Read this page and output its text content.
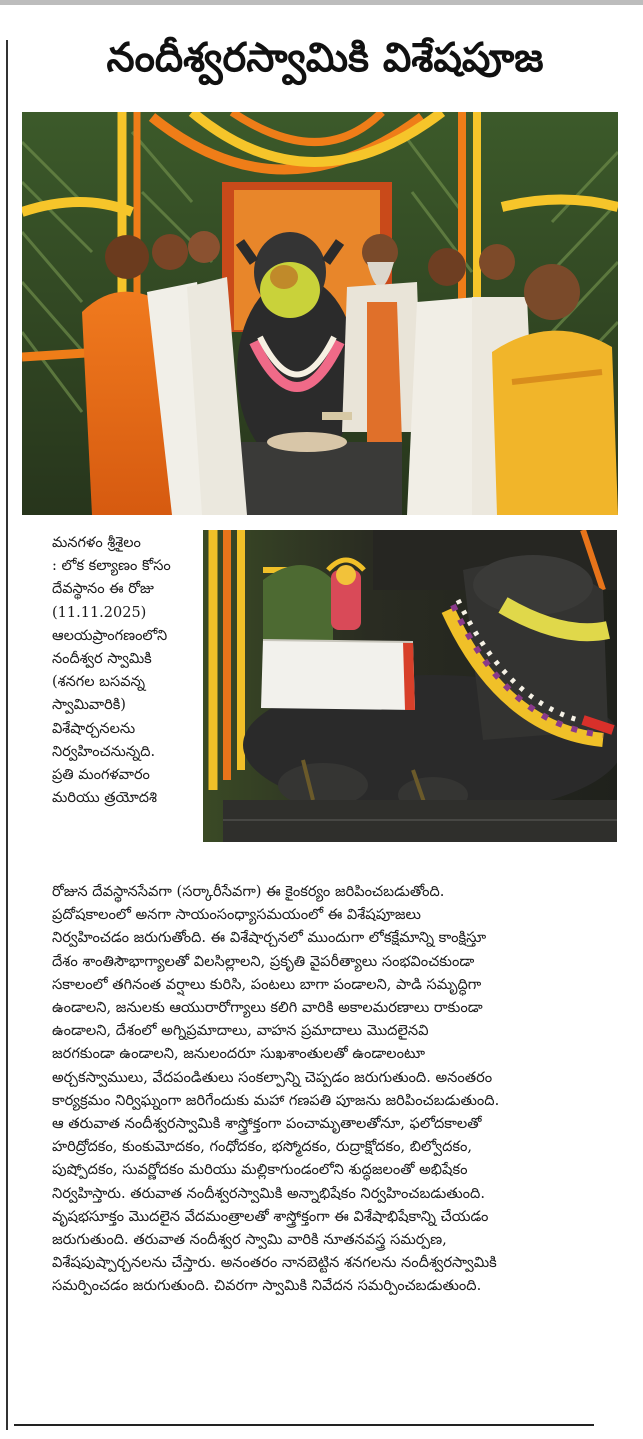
నందీశ్వరస్వామికి విశేషపూజ
మనగళం శ్రీశైలం
: లోక కల్యాణం కోసం
దేవస్థానం ఈ రోజు
(11.11.2025)
ఆలయప్రాంగణంలోని
నందీశ్వర స్వామికి
(శనగల బసవన్న
స్వామివారికి)
విశేషార్చనలను
నిర్వహించనున్నది.
ప్రతి మంగళవారం
మరియు త్రయోదశి
రోజున దేవస్థానసేవగా (సర్కారీసేవగా) ఈ కైంకర్యం జరిపించబడుతోంది.
ప్రదోషకాలంలో అనగా సాయంసంధ్యాసమయంలో ఈ విశేషపూజలు
నిర్వహించడం జరుగుతోంది. ఈ విశేషార్చనలో ముందుగా లోకక్షేమాన్ని కాంక్షిస్తూ
దేశం శాంతిసౌభాగ్యాలతో విలసిల్లాలని, ప్రకృతి వైపరీత్యాలు సంభవించకుండా
సకాలంలో తగినంత వర్షాలు కురిసి, పంటలు బాగా పండాలని, పాడి సమృద్ధిగా
ఉండాలని, జనులకు ఆయురారోగ్యాలు కలిగి వారికి అకాలమరణాలు రాకుండా
ఉండాలని, దేశంలో అగ్నిప్రమాదాలు, వాహన ప్రమాదాలు మొదలైనవి
జరగకుండా ఉండాలని, జనులందరూ సుఖశాంతులతో ఉండాలంటూ
అర్చకస్వాములు, వేదపండితులు సంకల్పాన్ని చెప్పడం జరుగుతుంది. అనంతరం
కార్యక్రమం నిర్విఘ్నంగా జరిగేందుకు మహా గణపతి పూజను జరిపించబడుతుంది.
ఆ తరువాత నందీశ్వరస్వామికి శాస్త్రోక్తంగా పంచామృతాలతోనూ, ఫలోదకాలతో
హరిద్రోదకం, కుంకుమోదకం, గంధోదకం, భస్మోదకం, రుద్రాక్షోదకం, బిల్వోదకం,
పుష్పోదకం, సువర్ణోదకం మరియు మల్లికాగుండంలోని శుద్ధజలంతో అభిషేకం
నిర్వహిస్తారు. తరువాత నందీశ్వరస్వామికి అన్నాభిషేకం నిర్వహించబడుతుంది.
వృషభసూక్తం మొదలైన వేదమంత్రాలతో శాస్త్రోక్తంగా ఈ విశేషాభిషేకాన్ని చేయడం
జరుగుతుంది. తరువాత నందీశ్వర స్వామి వారికి నూతనవస్త్ర సమర్పణ,
విశేషపుష్పార్చనలను చేస్తారు. అనంతరం నానబెట్టిన శనగలను నందీశ్వరస్వామికి
సమర్పించడం జరుగుతుంది. చివరగా స్వామికి నివేదన సమర్పించబడుతుంది.
